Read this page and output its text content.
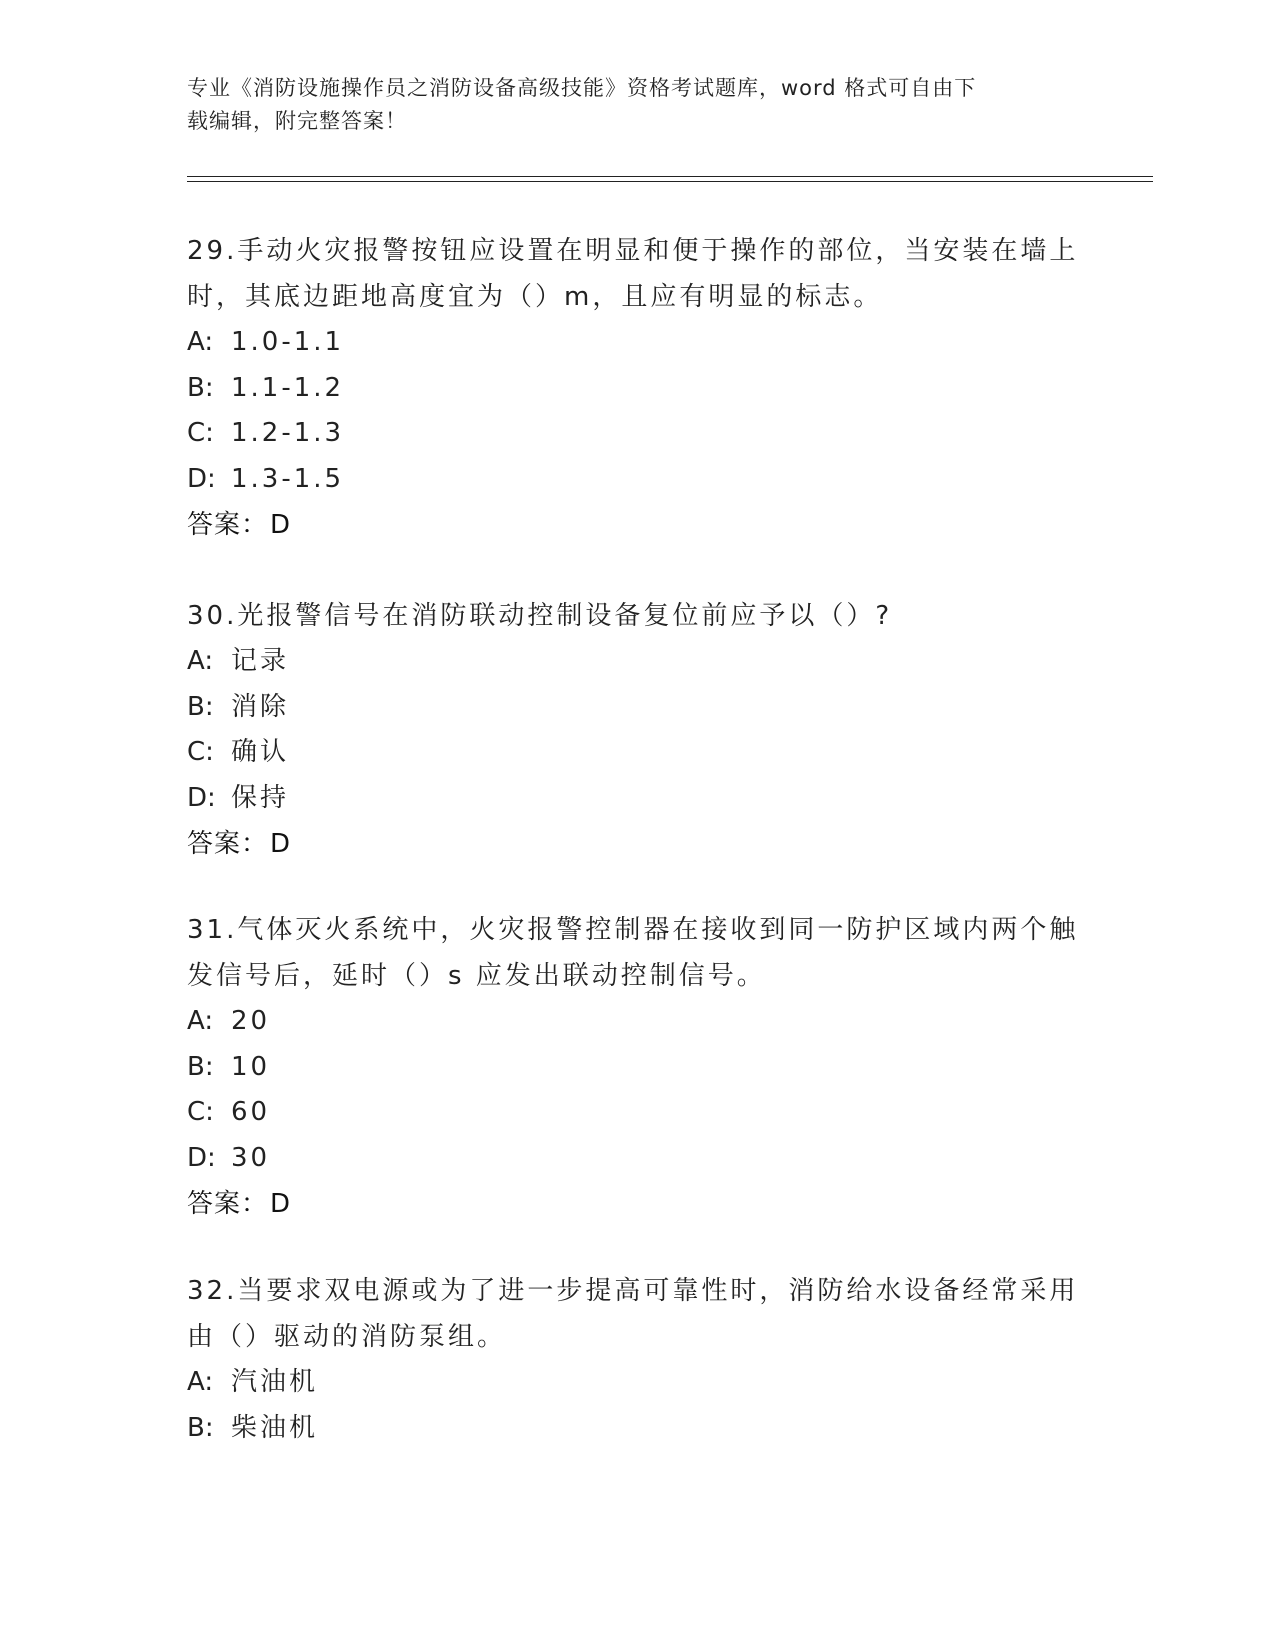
专业《消防设施操作员之消防设备高级技能》资格考试题库，word 格式可自由下
载编辑，附完整答案！

29.手动火灾报警按钮应设置在明显和便于操作的部位，当安装在墙上时，其底边距地高度宜为（）m，且应有明显的标志。

A: 1.0-1.1

B: 1.1-1.2

C: 1.2-1.3

D: 1.3-1.5

答案：D

30.光报警信号在消防联动控制设备复位前应予以（）?

A: 记录

B: 消除

C: 确认

D: 保持

答案：D

31.气体灭火系统中，火灾报警控制器在接收到同一防护区域内两个触发信号后，延时（）s 应发出联动控制信号。

A: 20

B: 10

C: 60

D: 30

答案：D

32.当要求双电源或为了进一步提高可靠性时，消防给水设备经常采用由（）驱动的消防泵组。

A: 汽油机

B: 柴油机
